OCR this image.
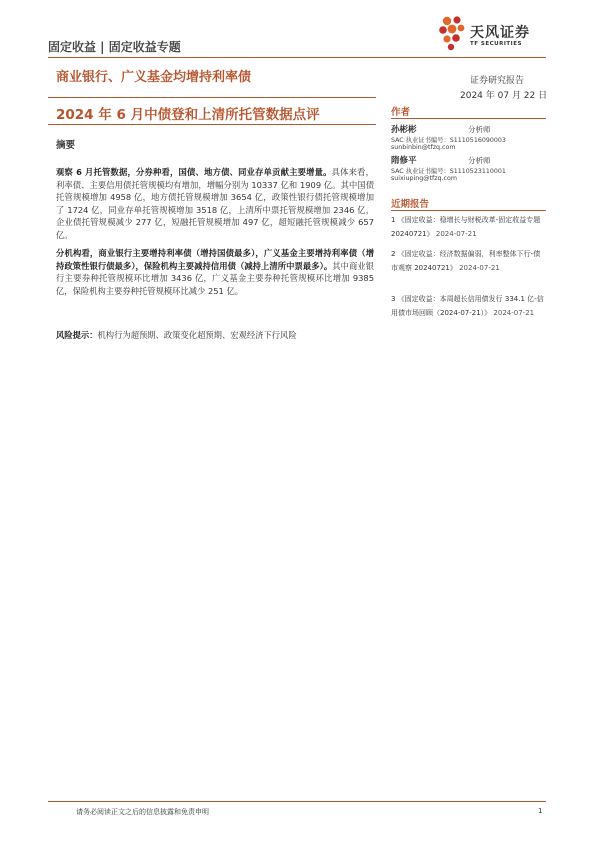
固定收益 | 固定收益专题
天风证券
TF SECURITIES
商业银行、广义基金均增持利率债	证券研究报告
2024 年 07 月 22 日
2024 年 6 月中债登和上清所托管数据点评
摘要
观察 6 月托管数据，分券种看，国债、地方债、同业存单贡献主要增量。具体来看，利率债、主要信用债托管规模均有增加，增幅分别为 10337 亿和 1909 亿。其中国债托管规模增加 4958 亿，地方债托管规模增加 3654 亿，政策性银行债托管规模增加了 1724 亿，同业存单托管规模增加 3518 亿，上清所中票托管规模增加 2346 亿，企业债托管规模减少 277 亿，短融托管规模增加 497 亿，超短融托管规模减少 657 亿。
分机构看，商业银行主要增持利率债（增持国债最多），广义基金主要增持利率债（增持政策性银行债最多），保险机构主要减持信用债（减持上清所中票最多）。其中商业银行主要券种托管规模环比增加 3436 亿，广义基金主要券种托管规模环比增加 9385 亿，保险机构主要券种托管规模环比减少 251 亿。
风险提示：机构行为超预期、政策变化超预期、宏观经济下行风险
作者
孙彬彬	分析师
SAC 执业证书编号：S1110516090003
sunbinbin@tfzq.com
隋修平	分析师
SAC 执业证书编号：S1110523110001
suixiuping@tfzq.com
近期报告
1 《固定收益：稳增长与财税改革-固定收益专题 20240721》 2024-07-21
2 《固定收益：经济数据偏弱，利率整体下行-债市观察 20240721》 2024-07-21
3 《固定收益：本周超长信用债发行 334.1 亿-信用债市场回顾（2024-07-21）》 2024-07-21
请务必阅读正文之后的信息披露和免责申明	1
